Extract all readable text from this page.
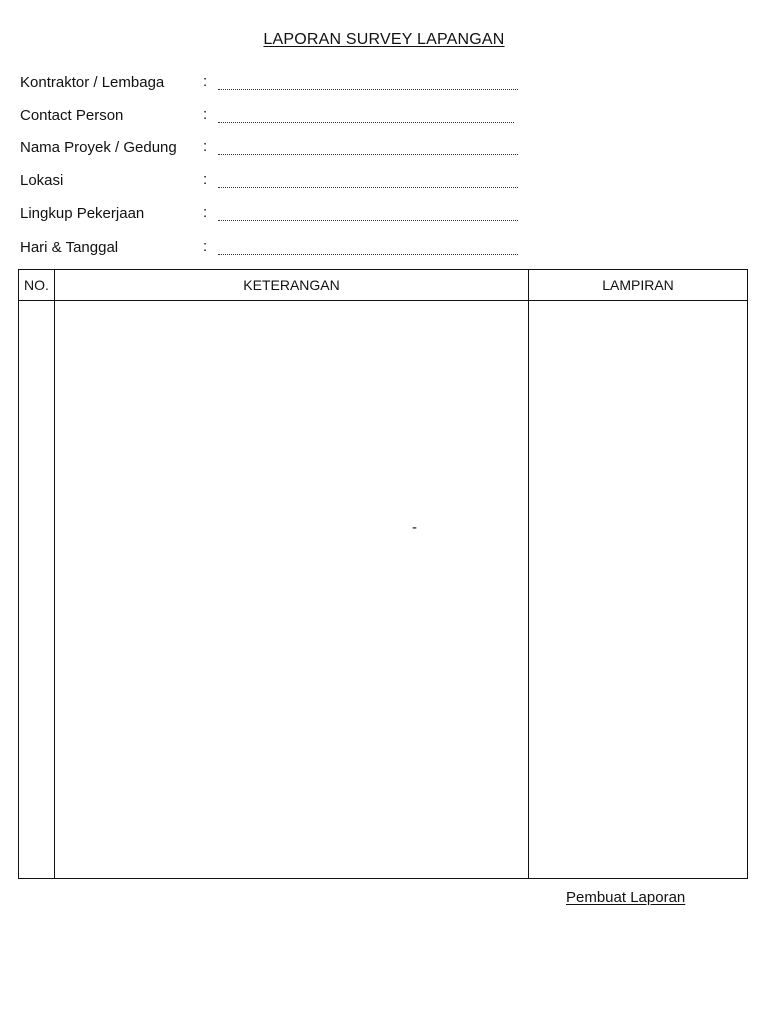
LAPORAN SURVEY LAPANGAN
Kontraktor / Lembaga	:
Contact Person	:
Nama Proyek / Gedung :
Lokasi	:
Lingkup Pekerjaan	:
Hari & Tanggal	:
NO.	KETERANGAN	LAMPIRAN

	-	

Pembuat Laporan
